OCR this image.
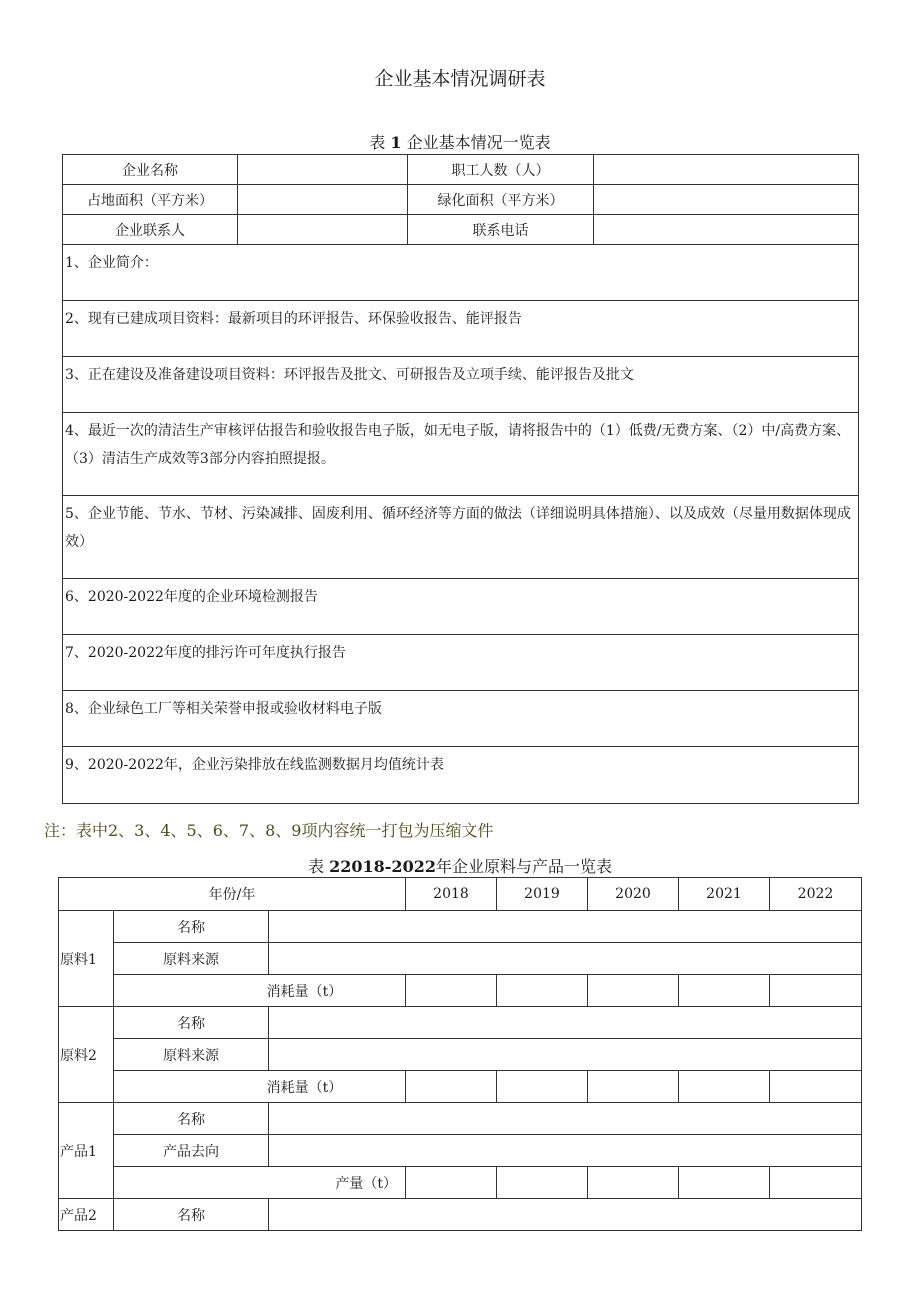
企业基本情况调研表
表 1 企业基本情况一览表
企业名称		职工人数（人）	
占地面积（平方米）		绿化面积（平方米）	
企业联系人		联系电话	
1、企业简介：			
2、现有已建成项目资料：最新项目的环评报告、环保验收报告、能评报告			
3、正在建设及准备建设项目资料：环评报告及批文、可研报告及立项手续、能评报告及批文			
4、最近一次的清洁生产审核评估报告和验收报告电子版，如无电子版，请将报告中的（1）低费/无费方案、（2）中/高费方案、（3）清洁生产成效等3部分内容拍照提报。			
5、企业节能、节水、节材、污染减排、固废利用、循环经济等方面的做法（详细说明具体措施）、以及成效（尽量用数据体现成效）			
6、2020-2022年度的企业环境检测报告			
7、2020-2022年度的排污许可年度执行报告			
8、企业绿色工厂等相关荣誉申报或验收材料电子版			
9、2020-2022年，企业污染排放在线监测数据月均值统计表			
注：表中2、3、4、5、6、7、8、9项内容统一打包为压缩文件
表 22018-2022年企业原料与产品一览表
年份/年			2018	2019	2020	2021	2022
原料1	名称						
	原料来源						
	消耗量（t）						
原料2	名称						
	原料来源						
	消耗量（t）						
产品1	名称						
	产品去向						
	产量（t）						
产品2	名称						
